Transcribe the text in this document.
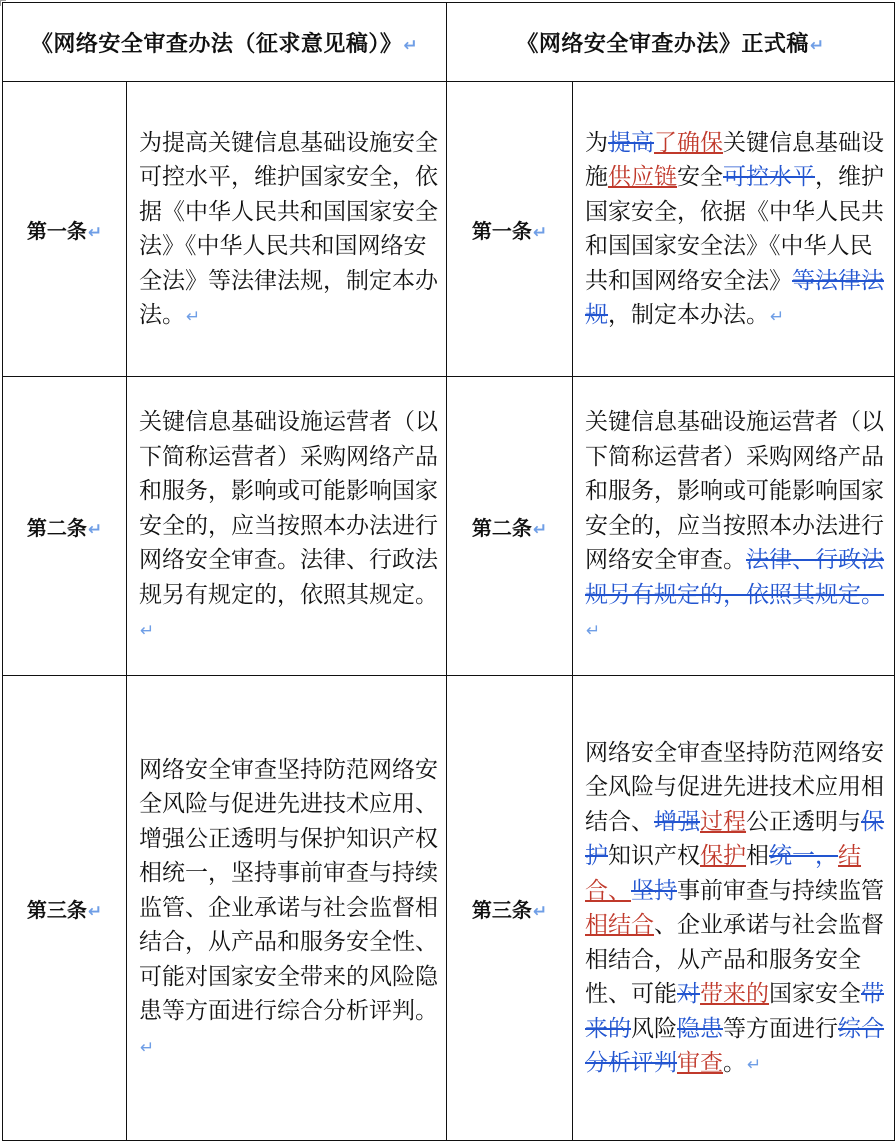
《网络安全审查办法（征求意见稿）》↵		《网络安全审查办法》正式稿↵	
第一条↵	为提高关键信息基础设施安全可控水平，维护国家安全，依据《中华人民共和国国家安全法》《中华人民共和国网络安全法》等法律法规，制定本办法。↵	第一条↵	为提高了确保关键信息基础设施供应链安全可控水平，维护国家安全，依据《中华人民共和国国家安全法》《中华人民共和国网络安全法》等法律法规，制定本办法。↵
第二条↵	关键信息基础设施运营者（以下简称运营者）采购网络产品和服务，影响或可能影响国家安全的，应当按照本办法进行网络安全审查。法律、行政法规另有规定的，依照其规定。↵	第二条↵	关键信息基础设施运营者（以下简称运营者）采购网络产品和服务，影响或可能影响国家安全的，应当按照本办法进行网络安全审查。法律、行政法规另有规定的，依照其规定。↵
第三条↵	网络安全审查坚持防范网络安全风险与促进先进技术应用、增强公正透明与保护知识产权相统一，坚持事前审查与持续监管、企业承诺与社会监督相结合，从产品和服务安全性、可能对国家安全带来的风险隐患等方面进行综合分析评判。↵	第三条↵	网络安全审查坚持防范网络安全风险与促进先进技术应用相结合、增强过程公正透明与保护知识产权保护相统一，结合、坚持事前审查与持续监管相结合、企业承诺与社会监督相结合，从产品和服务安全性、可能对带来的国家安全带来的风险隐患等方面进行综合分析评判审查。↵
